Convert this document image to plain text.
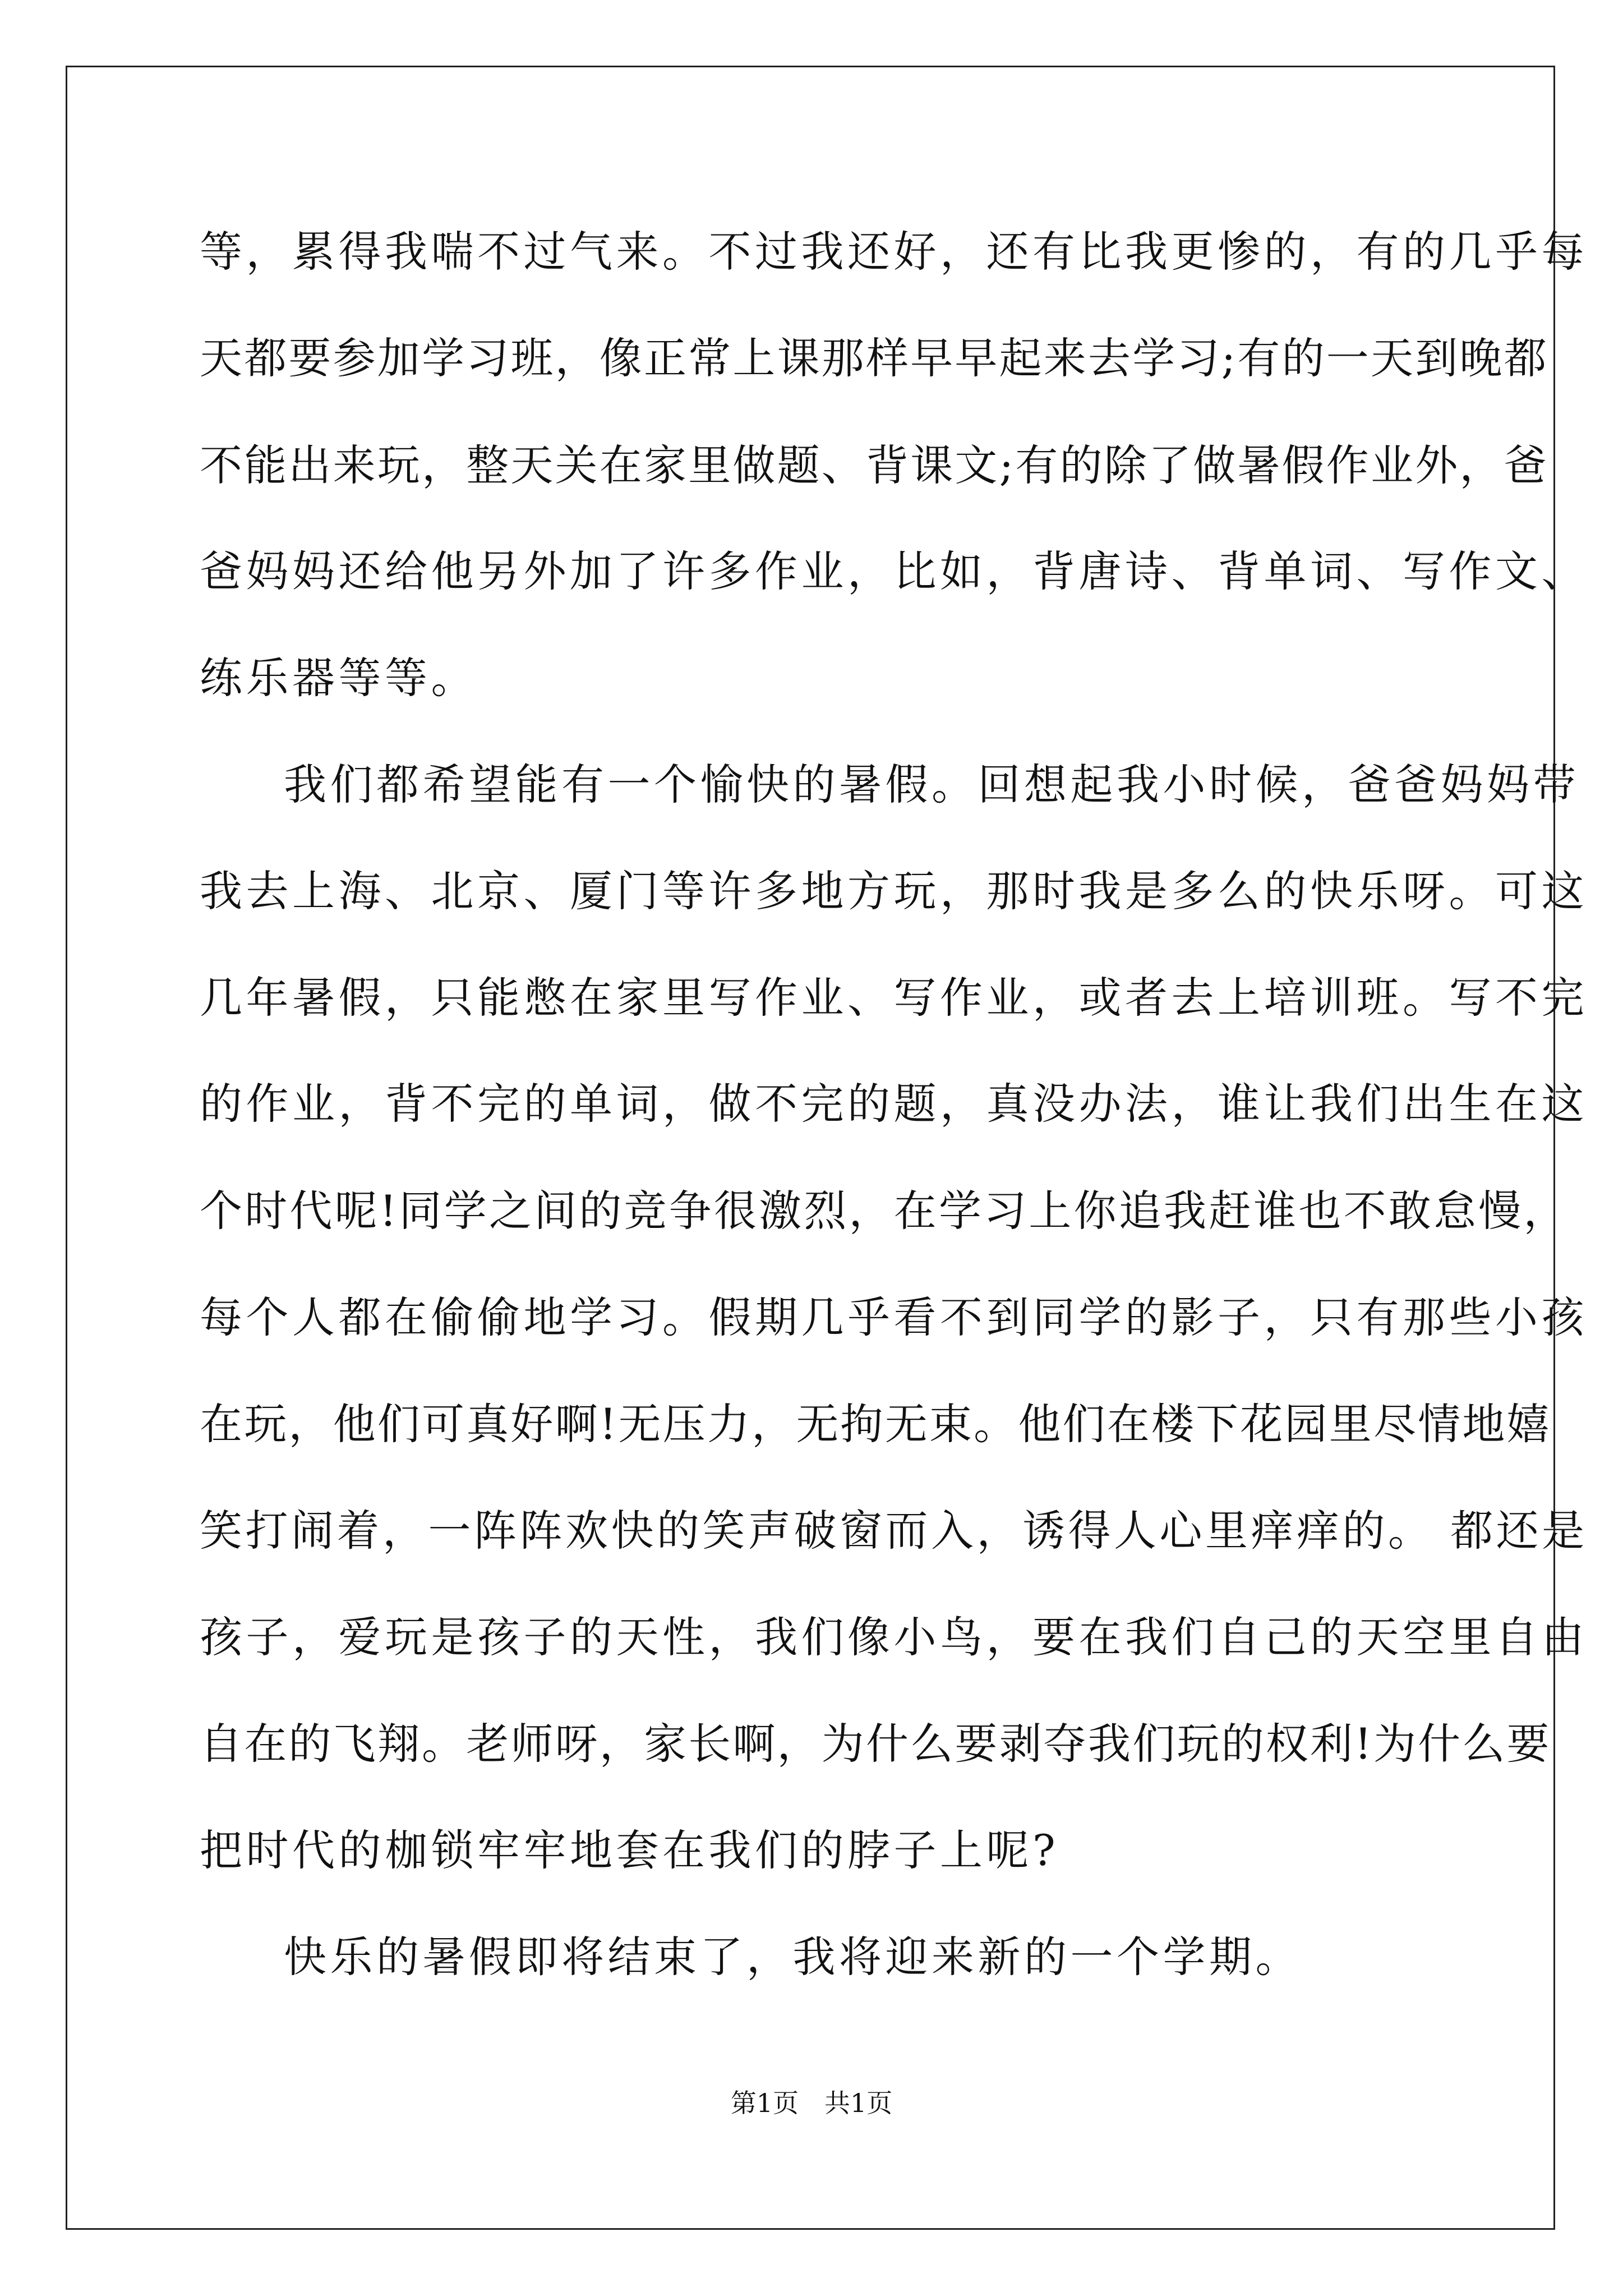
等，累得我喘不过气来。不过我还好，还有比我更惨的，有的几乎每
天都要参加学习班，像正常上课那样早早起来去学习;有的一天到晚都
不能出来玩，整天关在家里做题、背课文;有的除了做暑假作业外，爸
爸妈妈还给他另外加了许多作业，比如，背唐诗、背单词、写作文、
练乐器等等。
我们都希望能有一个愉快的暑假。回想起我小时候，爸爸妈妈带
我去上海、北京、厦门等许多地方玩，那时我是多么的快乐呀。可这
几年暑假，只能憋在家里写作业、写作业，或者去上培训班。写不完
的作业，背不完的单词，做不完的题，真没办法，谁让我们出生在这
个时代呢!同学之间的竞争很激烈，在学习上你追我赶谁也不敢怠慢，
每个人都在偷偷地学习。假期几乎看不到同学的影子，只有那些小孩
在玩，他们可真好啊!无压力，无拘无束。他们在楼下花园里尽情地嬉
笑打闹着，一阵阵欢快的笑声破窗而入，诱得人心里痒痒的。 都还是
孩子，爱玩是孩子的天性，我们像小鸟，要在我们自己的天空里自由
自在的飞翔。老师呀，家长啊，为什么要剥夺我们玩的权利!为什么要
把时代的枷锁牢牢地套在我们的脖子上呢?
快乐的暑假即将结束了，我将迎来新的一个学期。
第1页　共1页
